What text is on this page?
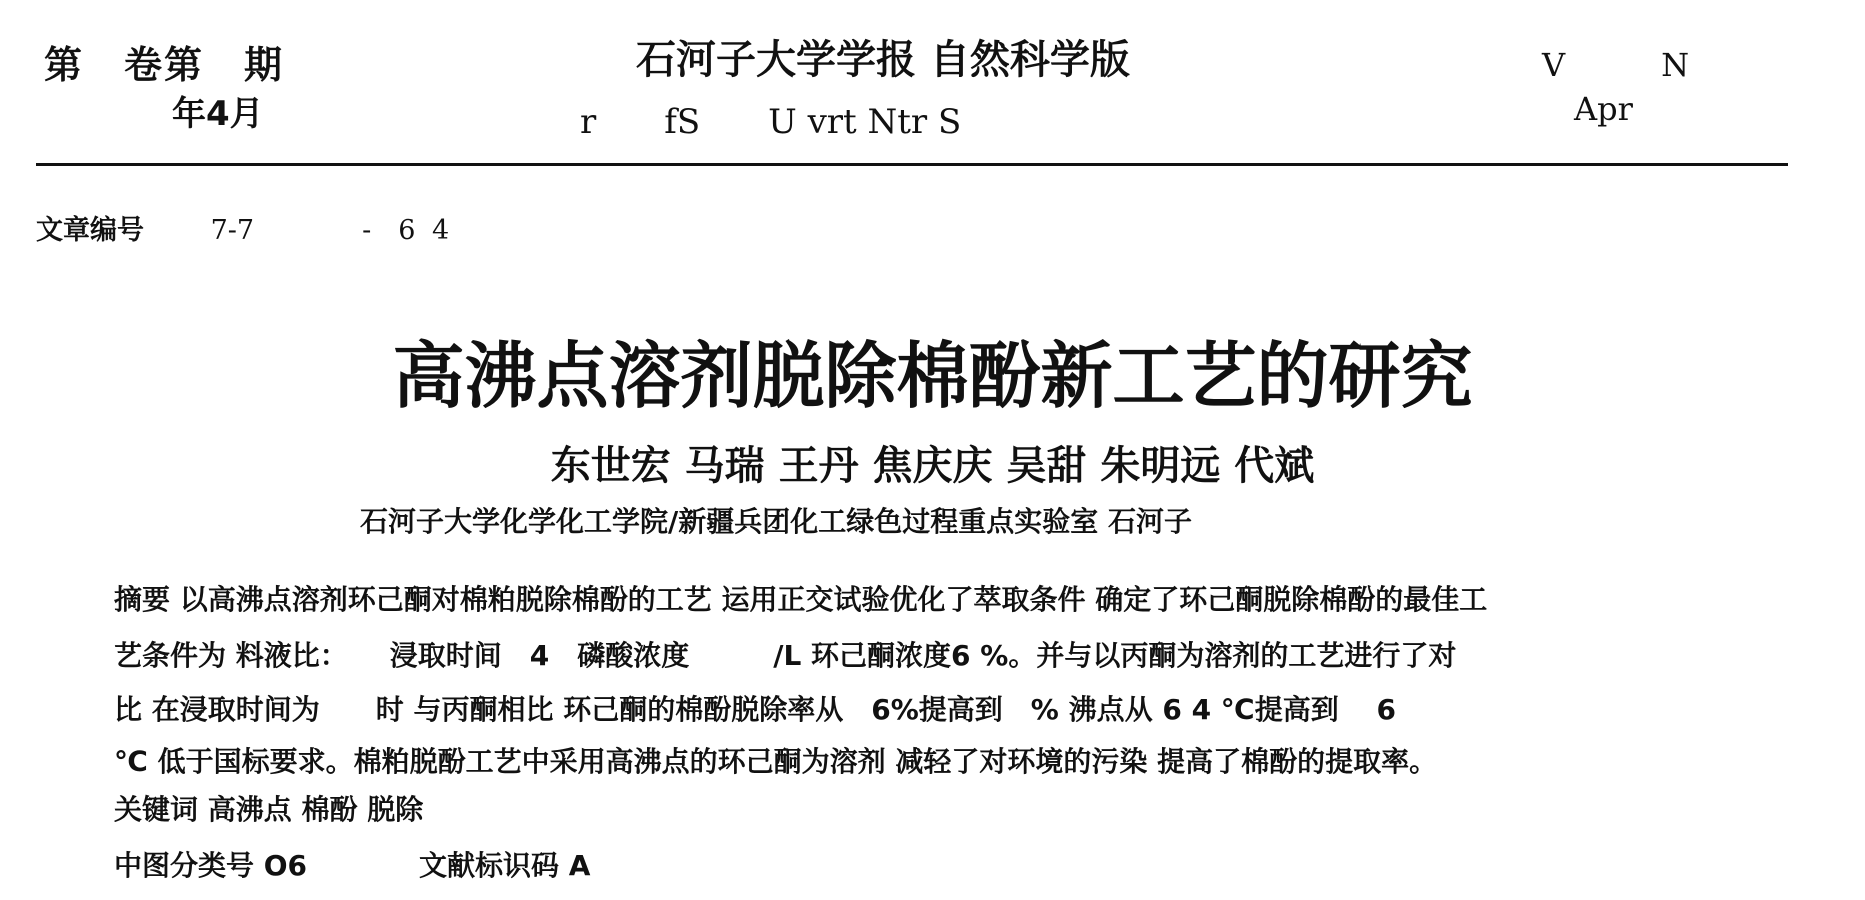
第　卷第　期
年4月
石河子大学学报 自然科学版
r　　fS　　U vrt Ntr S
V　　　N
Apr
文章编号 7-7　　　　-　6 4
高沸点溶剂脱除棉酚新工艺的研究
东世宏 马瑞 王丹 焦庆庆 吴甜 朱明远 代斌
石河子大学化学化工学院/新疆兵团化工绿色过程重点实验室 石河子
摘要 以高沸点溶剂环己酮对棉粕脱除棉酚的工艺 运用正交试验优化了萃取条件 确定了环己酮脱除棉酚的最佳工
艺条件为 料液比：　　浸取时间　4　磷酸浓度　　　/L 环己酮浓度6 %。并与以丙酮为溶剂的工艺进行了对
比 在浸取时间为　　时 与丙酮相比 环己酮的棉酚脱除率从　6%提高到　% 沸点从 6 4 ℃提高到　 6
℃ 低于国标要求。棉粕脱酚工艺中采用高沸点的环己酮为溶剂 减轻了对环境的污染 提高了棉酚的提取率。
关键词 高沸点 棉酚 脱除
中图分类号 O6　　　　文献标识码 A
